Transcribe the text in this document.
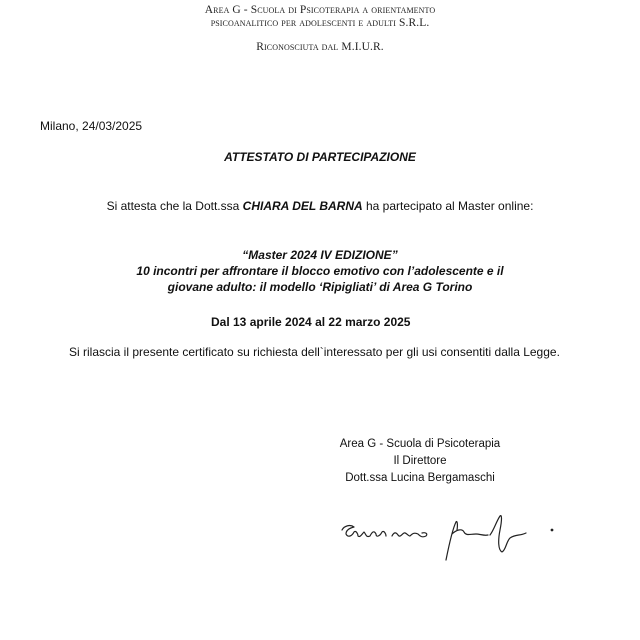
Area G - Scuola di Psicoterapia a orientamento
psicoanalitico per adolescenti e adulti S.R.L.
Riconosciuta dal M.I.U.R.
Milano, 24/03/2025
ATTESTATO DI PARTECIPAZIONE
Si attesta che la Dott.ssa CHIARA DEL BARNA ha partecipato al Master online:
“Master 2024 IV EDIZIONE”
10 incontri per affrontare il blocco emotivo con l’adolescente e il
giovane adulto: il modello ‘Ripigliati’ di Area G Torino
Dal 13 aprile 2024 al 22 marzo 2025
Si rilascia il presente certificato su richiesta dell`interessato per gli usi consentiti dalla Legge.
Area G - Scuola di Psicoterapia
Il Direttore
Dott.ssa Lucina Bergamaschi
